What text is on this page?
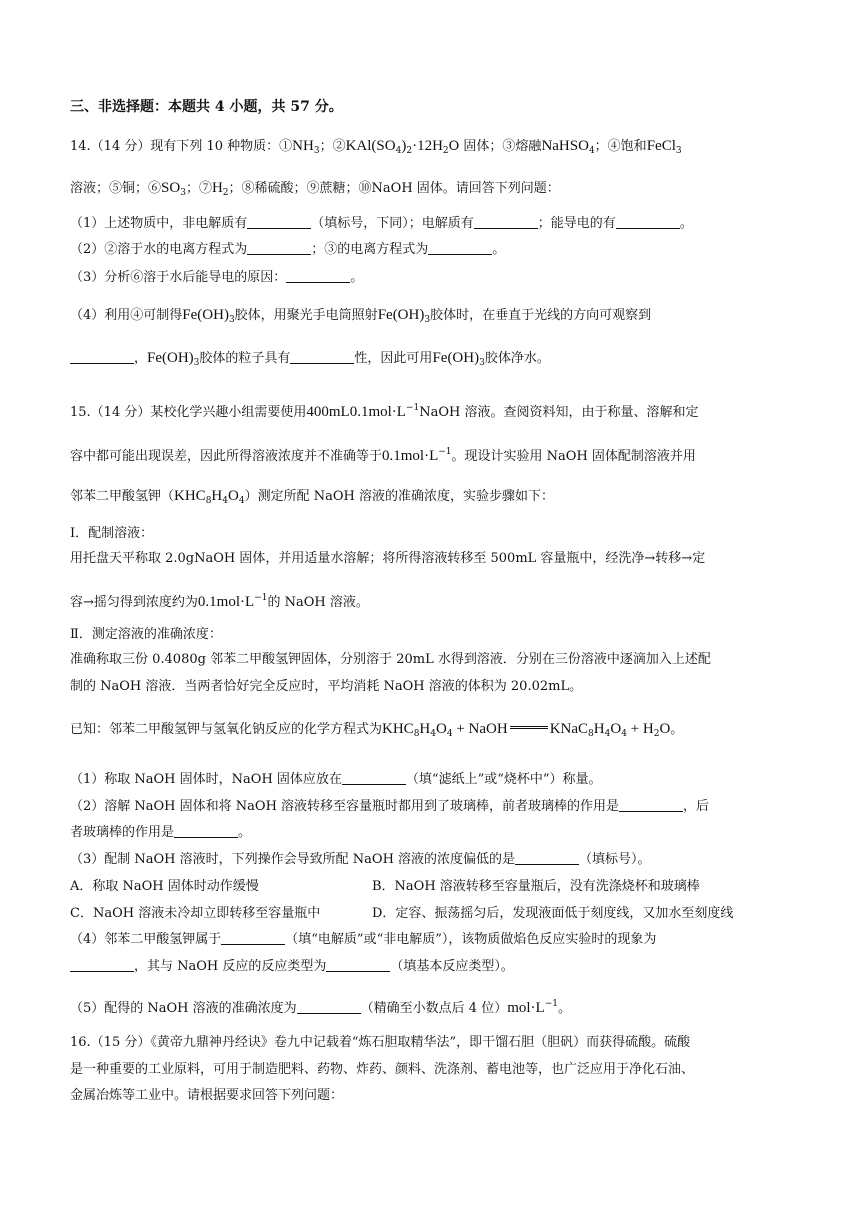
三、非选择题：本题共 4 小题，共 57 分。
14.（14 分）现有下列 10 种物质：$①NH_3$；$②KAl(SO_4)_2\cdot 12H_2O$ 固体；③熔融NaHSO$_4$；④饱和FeCl$_3$
溶液；⑤铜；$⑥SO_3$；$⑦H_2$；⑧稀硫酸；⑨蔗糖；⑩NaOH 固体。请回答下列问题：
（1）上述物质中，非电解质有	（填标号，下同）；电解质有	；能导电的有	。
（2）②溶于水的电离方程式为	；③的电离方程式为	。
（3）分析⑥溶于水后能导电的原因：	。
（4）利用④可制得$Fe(OH)_3$胶体，用聚光手电筒照射$Fe(OH)_3$胶体时，在垂直于光线的方向可观察到
，$Fe(OH)_3$胶体的粒子具有	性，因此可用$Fe(OH)_3$胶体净水。
15.（14 分）某校化学兴趣小组需要使用$400mL0.1mol\cdot L^{-1}NaOH$ 溶液。查阅资料知，由于称量、溶解和定
容中都可能出现误差，因此所得溶液浓度并不准确等于$0.1mol\cdot L^{-1}$。现设计实验用 NaOH 固体配制溶液并用
邻苯二甲酸氢钾$(KHC_8H_4O_4)$测定所配 NaOH 溶液的准确浓度，实验步骤如下：
Ⅰ．配制溶液：
用托盘天平称取 2.0gNaOH 固体，并用适量水溶解；将所得溶液转移至 500mL 容量瓶中，经洗净→转移→定
容→摇匀得到浓度约为$0.1mol\cdot L^{-1}$的 NaOH 溶液。
Ⅱ．测定溶液的准确浓度：
准确称取三份 0.4080g 邻苯二甲酸氢钾固体，分别溶于 20mL 水得到溶液．分别在三份溶液中逐滴加入上述配
制的 NaOH 溶液．当两者恰好完全反应时，平均消耗 NaOH 溶液的体积为 20.02mL。
已知：邻苯二甲酸氢钾与氢氧化钠反应的化学方程式为$KHC_8H_4O_4$ + NaOH	$KNaC_8H_4O_4 + H_2O$。
（1）称取 NaOH 固体时，NaOH 固体应放在	（填“滤纸上”或“烧杯中”）称量。
（2）溶解 NaOH 固体和将 NaOH 溶液转移至容量瓶时都用到了玻璃棒，前者玻璃棒的作用是	，后
者玻璃棒的作用是	。
（3）配制 NaOH 溶液时，下列操作会导致所配 NaOH 溶液的浓度偏低的是	（填标号）。
A．称取 NaOH 固体时动作缓慢	B．NaOH 溶液转移至容量瓶后，没有洗涤烧杯和玻璃棒
C．NaOH 溶液未冷却立即转移至容量瓶中	D．定容、振荡摇匀后，发现液面低于刻度线，又加水至刻度线
（4）邻苯二甲酸氢钾属于	（填“电解质”或“非电解质”），该物质做焰色反应实验时的现象为
，其与 NaOH 反应的反应类型为	（填基本反应类型）。
（5）配得的 NaOH 溶液的准确浓度为	（精确至小数点后 4 位）$mol\cdot L^{-1}$。
16.（15 分）《黄帝九鼎神丹经诀》卷九中记载着“炼石胆取精华法”，即干馏石胆（胆矾）而获得硫酸。硫酸
是一种重要的工业原料，可用于制造肥料、药物、炸药、颜料、洗涤剂、蓄电池等，也广泛应用于净化石油、
金属冶炼等工业中。请根据要求回答下列问题：
